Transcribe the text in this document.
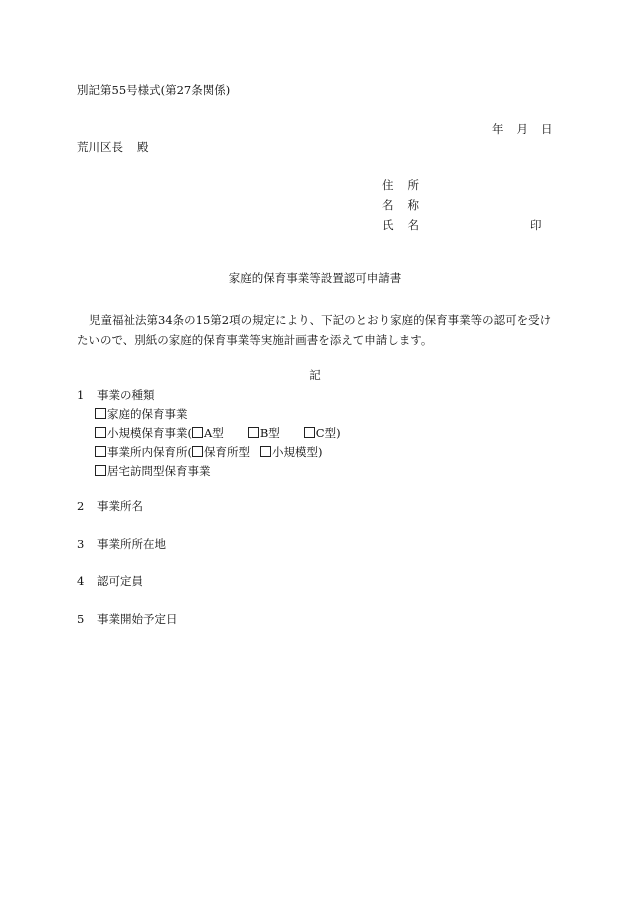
別記第55号様式(第27条関係)
年 月 日
荒川区長 殿
住 所
名 称
氏 名	印
家庭的保育事業等設置認可申請書
児童福祉法第34条の15第2項の規定により、下記のとおり家庭的保育事業等の認可を受けたいので、別紙の家庭的保育事業等実施計画書を添えて申請します。
記
1 事業の種類
家庭的保育事業
小規模保育事業( A型	B型	C型)
事業所内保育所( 保育所型 小規模型)
居宅訪問型保育事業
2 事業所名
3 事業所所在地
4 認可定員
5 事業開始予定日
